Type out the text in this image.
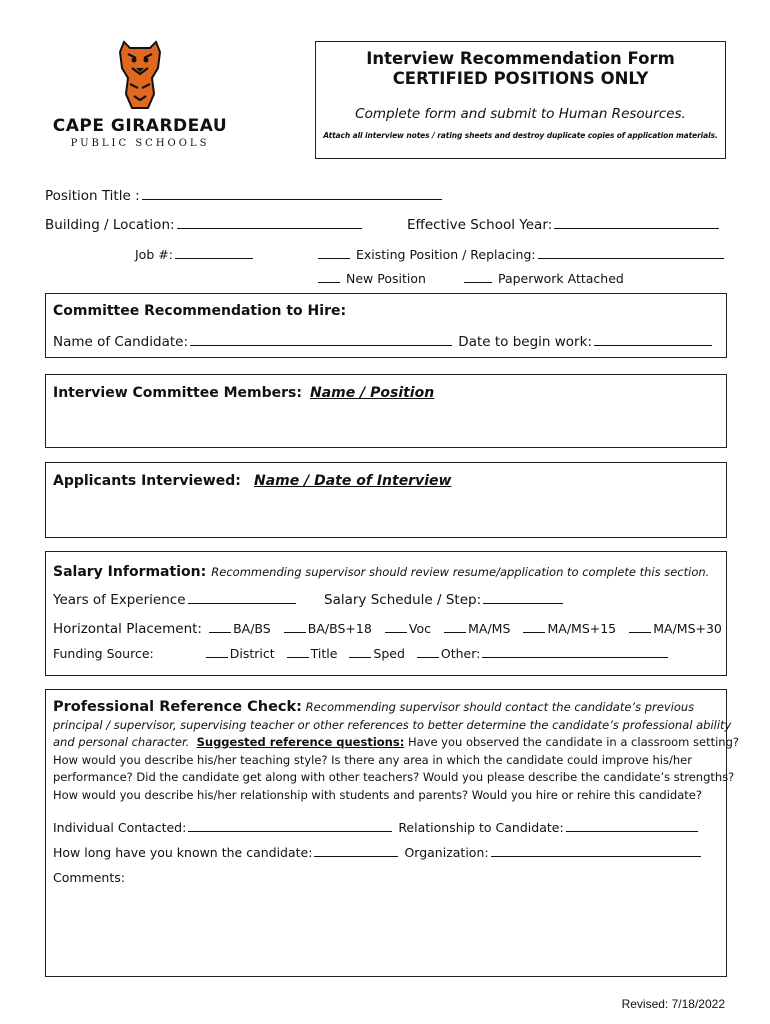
CAPE GIRARDEAU
PUBLIC SCHOOLS
Interview Recommendation Form
CERTIFIED POSITIONS ONLY
Complete form and submit to Human Resources.
Attach all interview notes / rating sheets and destroy duplicate copies of application materials.
Position Title :
Building / Location:	Effective School Year:
Job #:	Existing Position / Replacing:
New Position	Paperwork Attached
Committee Recommendation to Hire:
Name of Candidate:	Date to begin work:
Interview Committee Members: Name / Position
Applicants Interviewed: Name / Date of Interview
Salary Information: Recommending supervisor should review resume/application to complete this section.
Years of Experience	Salary Schedule / Step:
Horizontal Placement: BA/BS	BA/BS+18	Voc	MA/MS	MA/MS+15	MA/MS+30
Funding Source:	District	Title	Sped	Other:
Professional Reference Check: Recommending supervisor should contact the candidate’s previous
principal / supervisor, supervising teacher or other references to better determine the candidate’s professional ability
and personal character. Suggested reference questions: Have you observed the candidate in a classroom setting?
How would you describe his/her teaching style? Is there any area in which the candidate could improve his/her
performance? Did the candidate get along with other teachers? Would you please describe the candidate’s strengths?
How would you describe his/her relationship with students and parents? Would you hire or rehire this candidate?
Individual Contacted:	Relationship to Candidate:
How long have you known the candidate:	Organization:
Comments:
Revised: 7/18/2022
